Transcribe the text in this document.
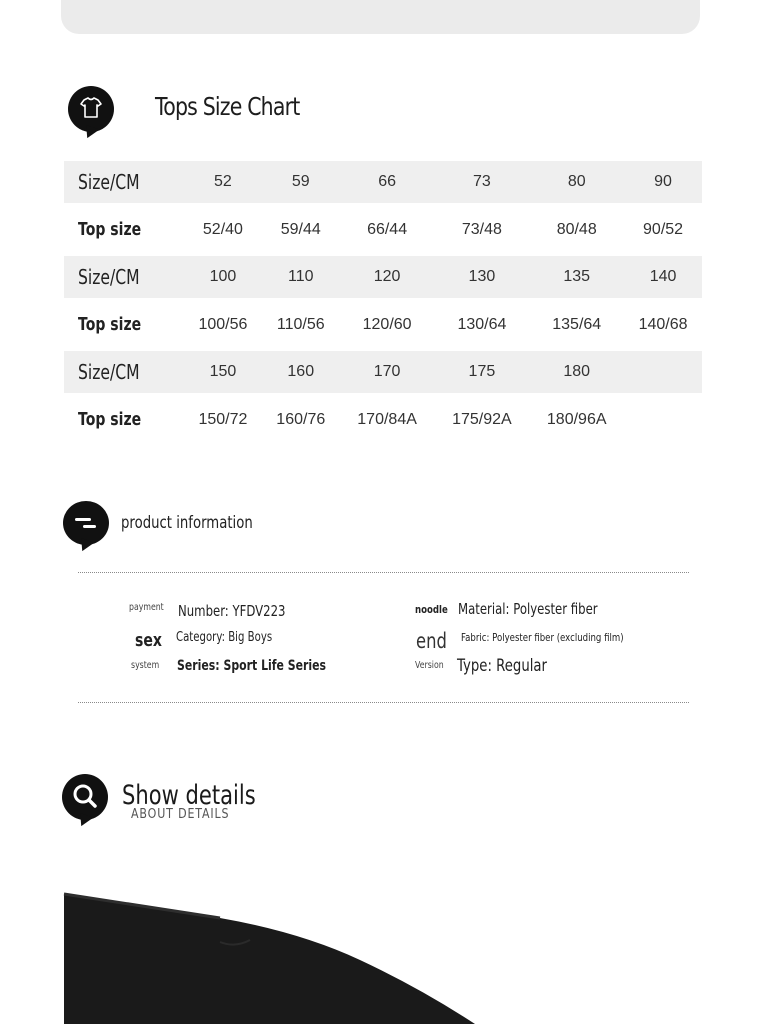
Tops Size Chart
Size/CM	52	59	66	73	80	90
Top size	52/40	59/44	66/44	73/48	80/48	90/52
Size/CM	100	110	120	130	135	140
Top size	100/56	110/56	120/60	130/64	135/64	140/68
Size/CM	150	160	170	175	180	
Top size	150/72	160/76	170/84A	175/92A	180/96A	
product information
payment Number: YFDV223
sex Category: Big Boys
system Series: Sport Life Series
noodle Material: Polyester fiber
end Fabric: Polyester fiber (excluding film)
Version Type: Regular
ABOUT DETAILS
Show details
